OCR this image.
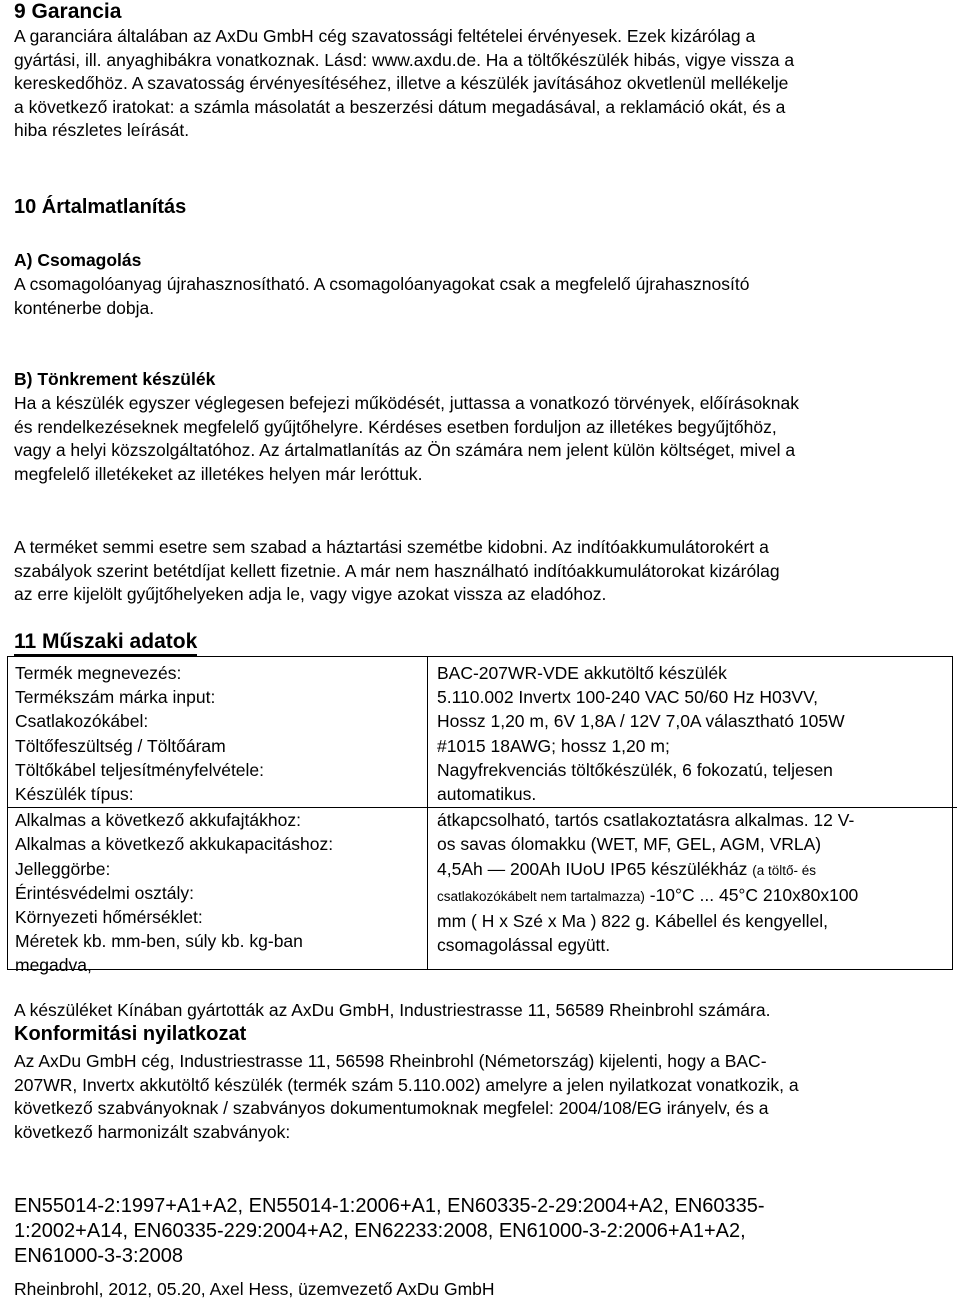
9 Garancia
A garanciára általában az AxDu GmbH cég szavatossági feltételei érvényesek. Ezek kizárólag a
gyártási, ill. anyaghibákra vonatkoznak. Lásd: www.axdu.de. Ha a töltőkészülék hibás, vigye vissza a
kereskedőhöz. A szavatosság érvényesítéséhez, illetve a készülék javításához okvetlenül mellékelje
a következő iratokat: a számla másolatát a beszerzési dátum megadásával, a reklamáció okát, és a
hiba részletes leírását.
10 Ártalmatlanítás
A) Csomagolás
A csomagolóanyag újrahasznosítható. A csomagolóanyagokat csak a megfelelő újrahasznosító
konténerbe dobja.
B) Tönkrement készülék
Ha a készülék egyszer véglegesen befejezi működését, juttassa a vonatkozó törvények, előírásoknak
és rendelkezéseknek megfelelő gyűjtőhelyre. Kérdéses esetben forduljon az illetékes begyűjtőhöz,
vagy a helyi közszolgáltatóhoz. Az ártalmatlanítás az Ön számára nem jelent külön költséget, mivel a
megfelelő illetékeket az illetékes helyen már leróttuk.
A terméket semmi esetre sem szabad a háztartási szemétbe kidobni. Az indítóakkumulátorokért a
szabályok szerint betétdíjat kellett fizetnie. A már nem használható indítóakkumulátorokat kizárólag
az erre kijelölt gyűjtőhelyeken adja le, vagy vigye azokat vissza az eladóhoz.
11 Műszaki adatok
Termék megnevezés:
Termékszám márka input:
Csatlakozókábel:
Töltőfeszültség / Töltőáram
Töltőkábel teljesítményfelvétele:
Készülék típus:
Alkalmas a következő akkufajtákhoz:
Alkalmas a következő akkukapacitáshoz:
Jelleggörbe:
Érintésvédelmi osztály:
Környezeti hőmérséklet:
Méretek kb. mm-ben, súly kb. kg-ban
megadva,
BAC-207WR-VDE akkutöltő készülék
5.110.002 Invertx 100-240 VAC 50/60 Hz H03VV,
Hossz 1,20 m, 6V 1,8A / 12V 7,0A választható 105W
#1015 18AWG; hossz 1,20 m;
Nagyfrekvenciás töltőkészülék, 6 fokozatú, teljesen
automatikus.
átkapcsolható, tartós csatlakoztatásra alkalmas. 12 V-
os savas ólomakku (WET, MF, GEL, AGM, VRLA)
4,5Ah — 200Ah IUoU IP65 készülékház (a töltő- és
csatlakozókábelt nem tartalmazza) -10°C ... 45°C 210x80x100
mm ( H x Szé x Ma ) 822 g. Kábellel és kengyellel,
csomagolással együtt.
A készüléket Kínában gyártották az AxDu GmbH, Industriestrasse 11, 56589 Rheinbrohl számára.
Konformitási nyilatkozat
Az AxDu GmbH cég, Industriestrasse 11, 56598 Rheinbrohl (Németország) kijelenti, hogy a BAC-
207WR, Invertx akkutöltő készülék (termék szám 5.110.002) amelyre a jelen nyilatkozat vonatkozik, a
következő szabványoknak / szabványos dokumentumoknak megfelel: 2004/108/EG irányelv, és a
következő harmonizált szabványok:
EN55014-2:1997+A1+A2, EN55014-1:2006+A1, EN60335-2-29:2004+A2, EN60335-
1:2002+A14, EN60335-229:2004+A2, EN62233:2008, EN61000-3-2:2006+A1+A2,
EN61000-3-3:2008
Rheinbrohl, 2012, 05.20, Axel Hess, üzemvezető AxDu GmbH
